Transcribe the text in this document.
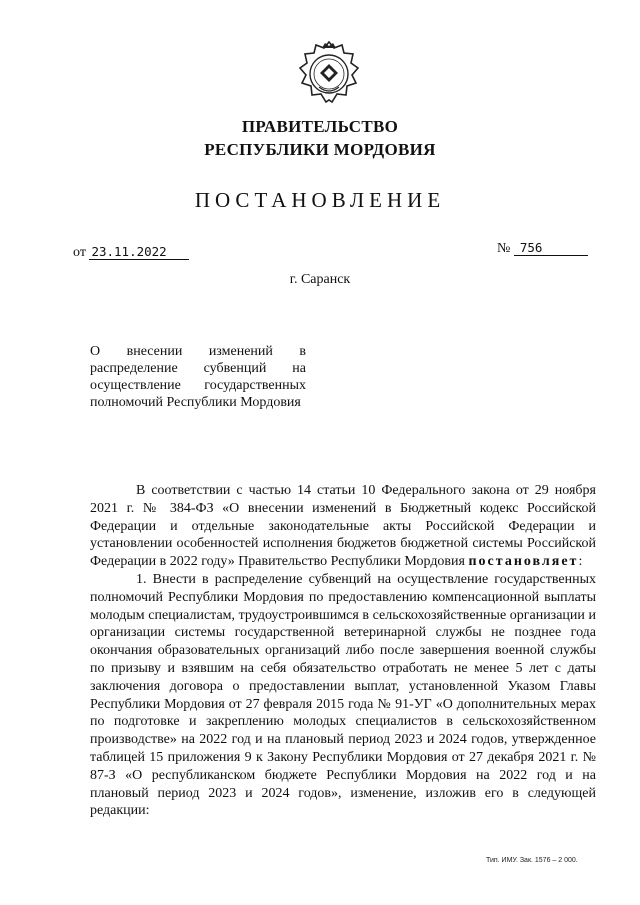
ПРАВИТЕЛЬСТВО
РЕСПУБЛИКИ МОРДОВИЯ
ПОСТАНОВЛЕНИЕ
от 23.11.2022	№ 756
г. Саранск
О внесении изменений в распределение субвенций на осуществление государственных полномочий Республики Мордовия

В соответствии с частью 14 статьи 10 Федерального закона от 29 ноября 2021 г. № 384-ФЗ «О внесении изменений в Бюджетный кодекс Российской Федерации и отдельные законодательные акты Российской Федерации и установлении особенностей исполнения бюджетов бюджетной системы Российской Федерации в 2022 году» Правительство Республики Мордовия постановляет:

1. Внести в распределение субвенций на осуществление государственных полномочий Республики Мордовия по предоставлению компенсационной выплаты молодым специалистам, трудоустроившимся в сельскохозяйственные организации и организации системы государственной ветеринарной службы не позднее года окончания образовательных организаций либо после завершения военной службы по призыву и взявшим на себя обязательство отработать не менее 5 лет с даты заключения договора о предоставлении выплат, установленной Указом Главы Республики Мордовия от 27 февраля 2015 года № 91-УГ «О дополнительных мерах по подготовке и закреплению молодых специалистов в сельскохозяйственном производстве» на 2022 год и на плановый период 2023 и 2024 годов, утвержденное таблицей 15 приложения 9 к Закону Республики Мордовия от 27 декабря 2021 г. № 87-З «О республиканском бюджете Республики Мордовия на 2022 год и на плановый период 2023 и 2024 годов», изменение, изложив его в следующей редакции:

Тип. ИМУ. Зак. 1576 – 2 000.
